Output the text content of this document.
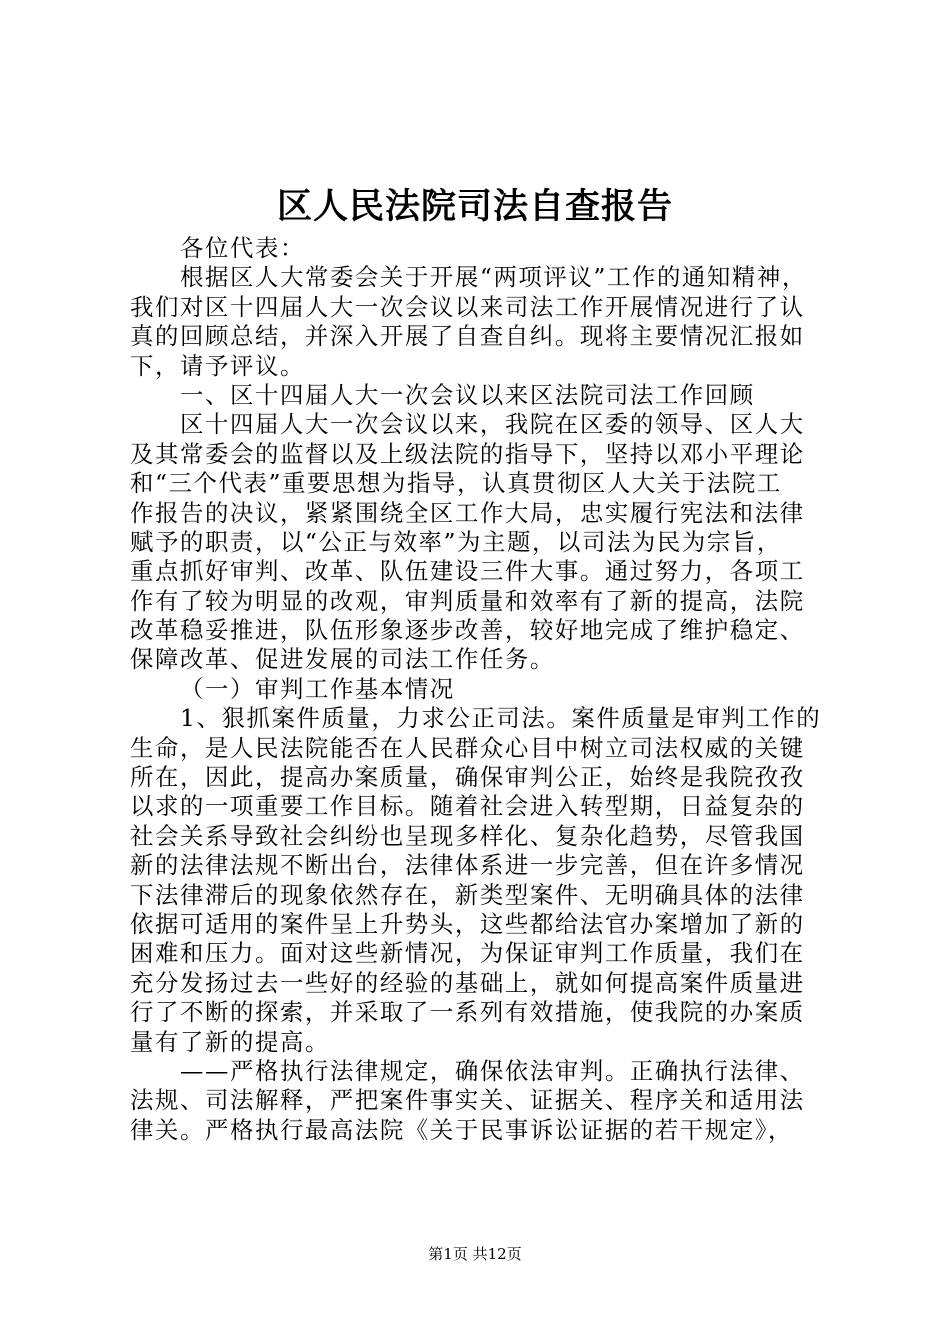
区人民法院司法自查报告
各位代表：
根据区人大常委会关于开展“两项评议”工作的通知精神，
我们对区十四届人大一次会议以来司法工作开展情况进行了认
真的回顾总结，并深入开展了自查自纠。现将主要情况汇报如
下，请予评议。
一、区十四届人大一次会议以来区法院司法工作回顾
区十四届人大一次会议以来，我院在区委的领导、区人大
及其常委会的监督以及上级法院的指导下，坚持以邓小平理论
和“三个代表”重要思想为指导，认真贯彻区人大关于法院工
作报告的决议，紧紧围绕全区工作大局，忠实履行宪法和法律
赋予的职责，以“公正与效率”为主题，以司法为民为宗旨，
重点抓好审判、改革、队伍建设三件大事。通过努力，各项工
作有了较为明显的改观，审判质量和效率有了新的提高，法院
改革稳妥推进，队伍形象逐步改善，较好地完成了维护稳定、
保障改革、促进发展的司法工作任务。
（一）审判工作基本情况
1、狠抓案件质量，力求公正司法。案件质量是审判工作的
生命，是人民法院能否在人民群众心目中树立司法权威的关键
所在，因此，提高办案质量，确保审判公正，始终是我院孜孜
以求的一项重要工作目标。随着社会进入转型期，日益复杂的
社会关系导致社会纠纷也呈现多样化、复杂化趋势，尽管我国
新的法律法规不断出台，法律体系进一步完善，但在许多情况
下法律滞后的现象依然存在，新类型案件、无明确具体的法律
依据可适用的案件呈上升势头，这些都给法官办案增加了新的
困难和压力。面对这些新情况，为保证审判工作质量，我们在
充分发扬过去一些好的经验的基础上，就如何提高案件质量进
行了不断的探索，并采取了一系列有效措施，使我院的办案质
量有了新的提高。
——严格执行法律规定，确保依法审判。正确执行法律、
法规、司法解释，严把案件事实关、证据关、程序关和适用法
律关。严格执行最高法院《关于民事诉讼证据的若干规定》，
第1页 共12页
